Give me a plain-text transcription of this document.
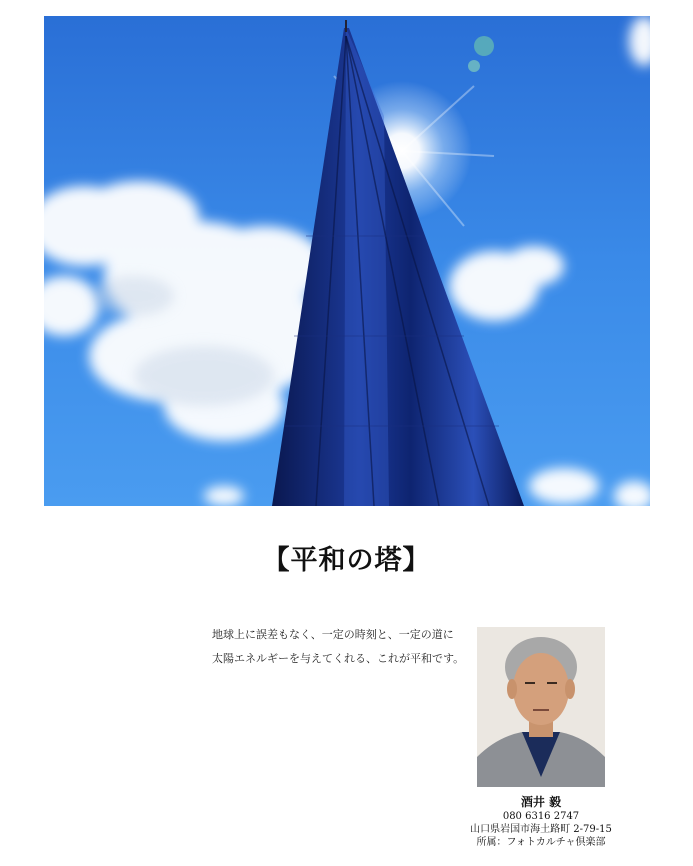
【平和の塔】
地球上に誤差もなく、一定の時刻と、一定の道に
太陽エネルギーを与えてくれる、これが平和です。
酒井 毅
080 6316 2747
山口県岩国市海土路町 2-79-15
所属：フォトカルチャ倶楽部
